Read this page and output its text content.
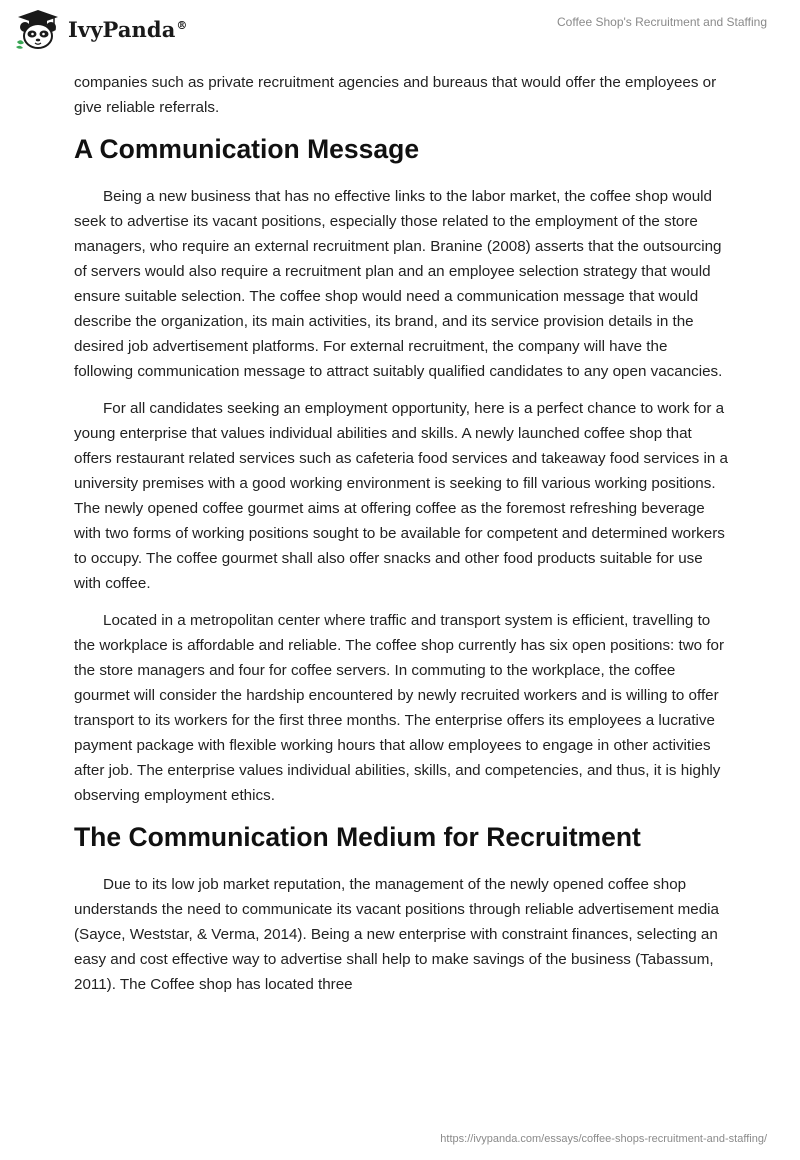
IvyPanda®	Coffee Shop's Recruitment and Staffing

companies such as private recruitment agencies and bureaus that would offer the employees or give reliable referrals.

A Communication Message

Being a new business that has no effective links to the labor market, the coffee shop would seek to advertise its vacant positions, especially those related to the employment of the store managers, who require an external recruitment plan. Branine (2008) asserts that the outsourcing of servers would also require a recruitment plan and an employee selection strategy that would ensure suitable selection. The coffee shop would need a communication message that would describe the organization, its main activities, its brand, and its service provision details in the desired job advertisement platforms. For external recruitment, the company will have the following communication message to attract suitably qualified candidates to any open vacancies.

For all candidates seeking an employment opportunity, here is a perfect chance to work for a young enterprise that values individual abilities and skills. A newly launched coffee shop that offers restaurant related services such as cafeteria food services and takeaway food services in a university premises with a good working environment is seeking to fill various working positions. The newly opened coffee gourmet aims at offering coffee as the foremost refreshing beverage with two forms of working positions sought to be available for competent and determined workers to occupy. The coffee gourmet shall also offer snacks and other food products suitable for use with coffee.

Located in a metropolitan center where traffic and transport system is efficient, travelling to the workplace is affordable and reliable. The coffee shop currently has six open positions: two for the store managers and four for coffee servers. In commuting to the workplace, the coffee gourmet will consider the hardship encountered by newly recruited workers and is willing to offer transport to its workers for the first three months. The enterprise offers its employees a lucrative payment package with flexible working hours that allow employees to engage in other activities after job. The enterprise values individual abilities, skills, and competencies, and thus, it is highly observing employment ethics.

The Communication Medium for Recruitment

Due to its low job market reputation, the management of the newly opened coffee shop understands the need to communicate its vacant positions through reliable advertisement media (Sayce, Weststar, & Verma, 2014). Being a new enterprise with constraint finances, selecting an easy and cost effective way to advertise shall help to make savings of the business (Tabassum, 2011). The Coffee shop has located three

https://ivypanda.com/essays/coffee-shops-recruitment-and-staffing/
